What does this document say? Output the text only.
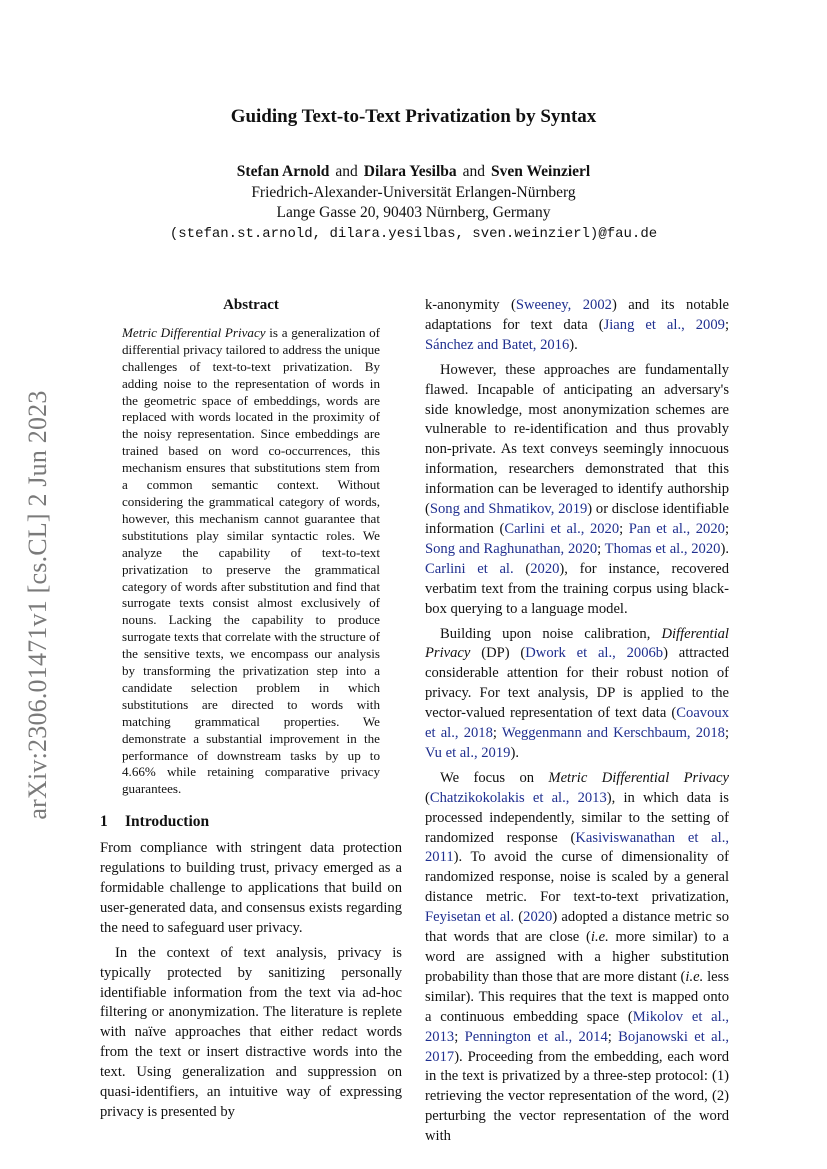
Guiding Text-to-Text Privatization by Syntax
Stefan Arnold and Dilara Yesilba and Sven Weinzierl
Friedrich-Alexander-Universität Erlangen-Nürnberg
Lange Gasse 20, 90403 Nürnberg, Germany
(stefan.st.arnold, dilara.yesilbas, sven.weinzierl)@fau.de
arXiv:2306.01471v1 [cs.CL] 2 Jun 2023
Abstract

Metric Differential Privacy is a generalization of differential privacy tailored to address the unique challenges of text-to-text privatization. By adding noise to the representation of words in the geometric space of embeddings, words are replaced with words located in the proximity of the noisy representation. Since embeddings are trained based on word co-occurrences, this mechanism ensures that substitutions stem from a common semantic context. Without considering the grammatical category of words, however, this mechanism cannot guarantee that substitutions play similar syntactic roles. We analyze the capability of text-to-text privatization to preserve the grammatical category of words after substitution and find that surrogate texts consist almost exclusively of nouns. Lacking the capability to produce surrogate texts that correlate with the structure of the sensitive texts, we encompass our analysis by transforming the privatization step into a candidate selection problem in which substitutions are directed to words with matching grammatical properties. We demonstrate a substantial improvement in the performance of downstream tasks by up to 4.66% while retaining comparative privacy guarantees.

1 Introduction

From compliance with stringent data protection regulations to building trust, privacy emerged as a formidable challenge to applications that build on user-generated data, and consensus exists regarding the need to safeguard user privacy.

In the context of text analysis, privacy is typically protected by sanitizing personally identifiable information from the text via ad-hoc filtering or anonymization. The literature is replete with naïve approaches that either redact words from the text or insert distractive words into the text. Using generalization and suppression on quasi-identifiers, an intuitive way of expressing privacy is presented by

k-anonymity (Sweeney, 2002) and its notable adaptations for text data (Jiang et al., 2009; Sánchez and Batet, 2016).

However, these approaches are fundamentally flawed. Incapable of anticipating an adversary's side knowledge, most anonymization schemes are vulnerable to re-identification and thus provably non-private. As text conveys seemingly innocuous information, researchers demonstrated that this information can be leveraged to identify authorship (Song and Shmatikov, 2019) or disclose identifiable information (Carlini et al., 2020; Pan et al., 2020; Song and Raghunathan, 2020; Thomas et al., 2020). Carlini et al. (2020), for instance, recovered verbatim text from the training corpus using black-box querying to a language model.

Building upon noise calibration, Differential Privacy (DP) (Dwork et al., 2006b) attracted considerable attention for their robust notion of privacy. For text analysis, DP is applied to the vector-valued representation of text data (Coavoux et al., 2018; Weggenmann and Kerschbaum, 2018; Vu et al., 2019).

We focus on Metric Differential Privacy (Chatzikokolakis et al., 2013), in which data is processed independently, similar to the setting of randomized response (Kasiviswanathan et al., 2011). To avoid the curse of dimensionality of randomized response, noise is scaled by a general distance metric. For text-to-text privatization, Feyisetan et al. (2020) adopted a distance metric so that words that are close (i.e. more similar) to a word are assigned with a higher substitution probability than those that are more distant (i.e. less similar). This requires that the text is mapped onto a continuous embedding space (Mikolov et al., 2013; Pennington et al., 2014; Bojanowski et al., 2017). Proceeding from the embedding, each word in the text is privatized by a three-step protocol: (1) retrieving the vector representation of the word, (2) perturbing the vector representation of the word with
